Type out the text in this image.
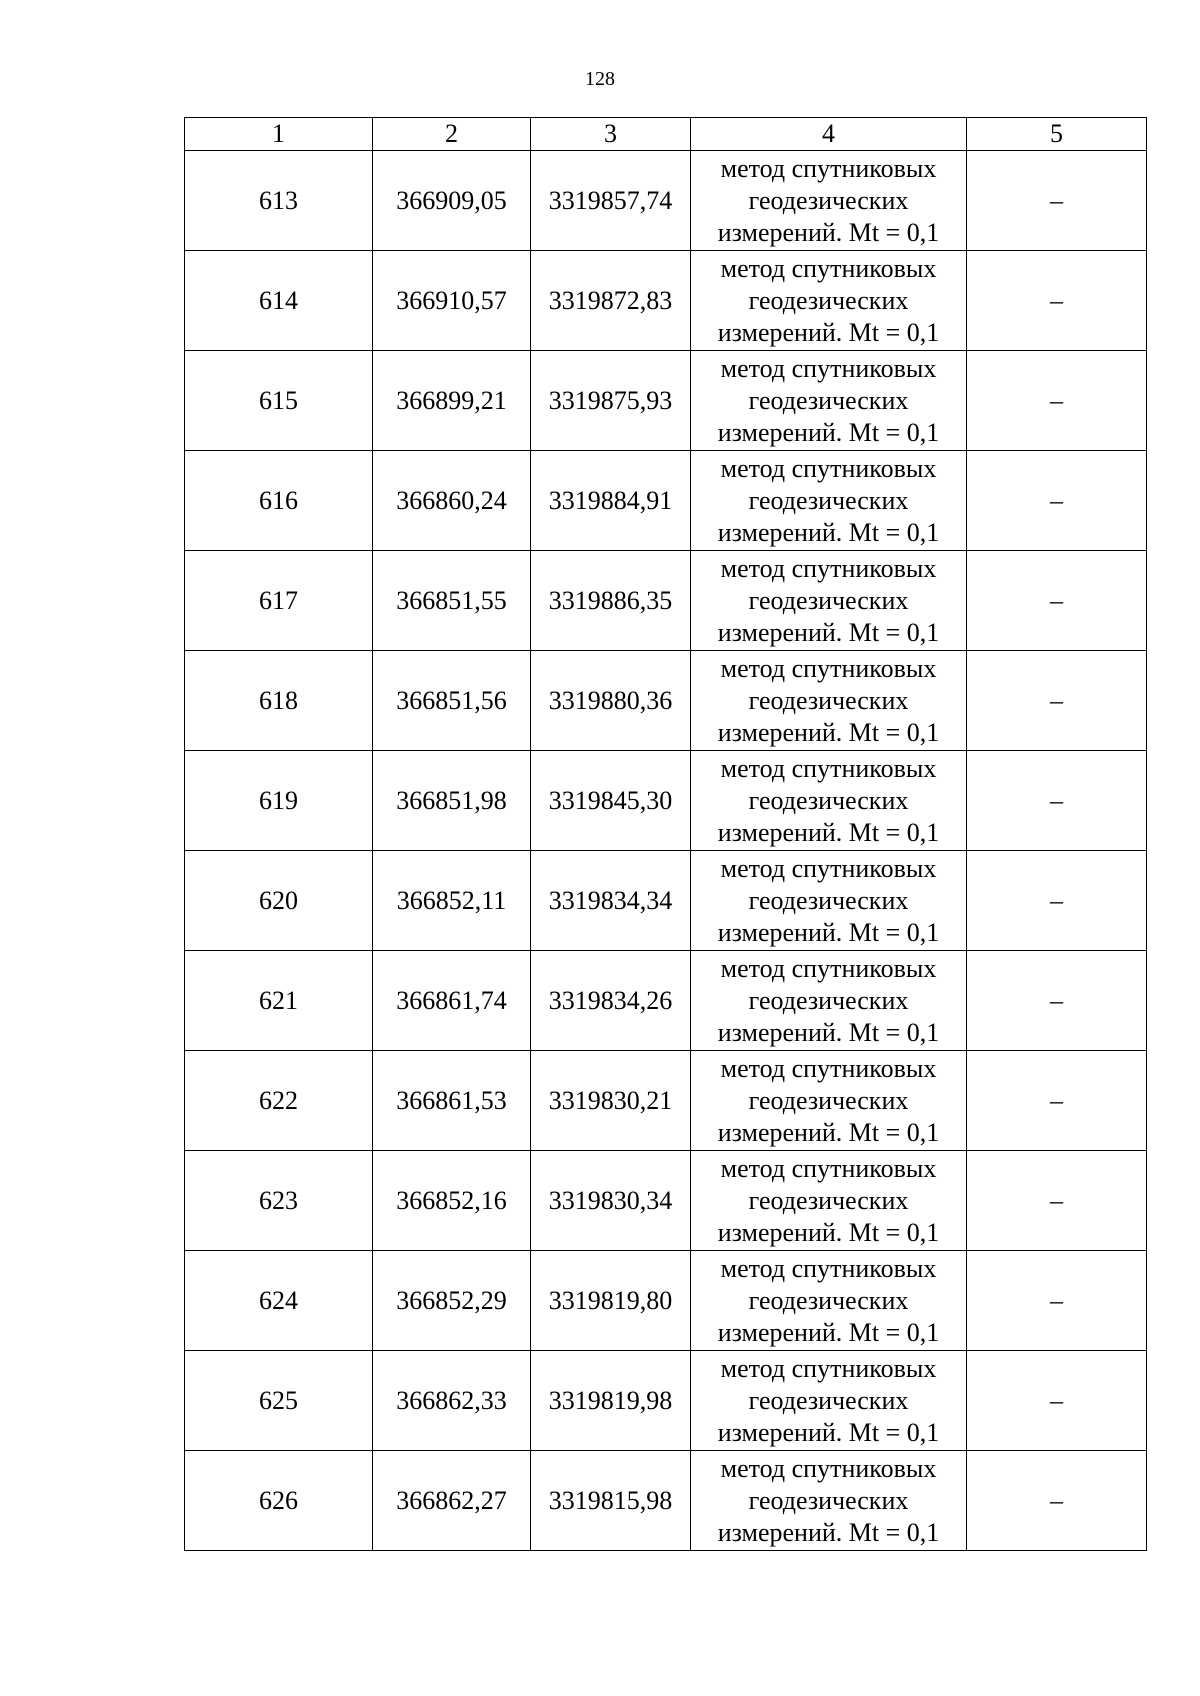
128
1	2	3	4	5
613	366909,05	3319857,74	метод спутниковых
геодезических
измерений. Mt = 0,1	–
614	366910,57	3319872,83	метод спутниковых
геодезических
измерений. Mt = 0,1	–
615	366899,21	3319875,93	метод спутниковых
геодезических
измерений. Mt = 0,1	–
616	366860,24	3319884,91	метод спутниковых
геодезических
измерений. Mt = 0,1	–
617	366851,55	3319886,35	метод спутниковых
геодезических
измерений. Mt = 0,1	–
618	366851,56	3319880,36	метод спутниковых
геодезических
измерений. Mt = 0,1	–
619	366851,98	3319845,30	метод спутниковых
геодезических
измерений. Mt = 0,1	–
620	366852,11	3319834,34	метод спутниковых
геодезических
измерений. Mt = 0,1	–
621	366861,74	3319834,26	метод спутниковых
геодезических
измерений. Mt = 0,1	–
622	366861,53	3319830,21	метод спутниковых
геодезических
измерений. Mt = 0,1	–
623	366852,16	3319830,34	метод спутниковых
геодезических
измерений. Mt = 0,1	–
624	366852,29	3319819,80	метод спутниковых
геодезических
измерений. Mt = 0,1	–
625	366862,33	3319819,98	метод спутниковых
геодезических
измерений. Mt = 0,1	–
626	366862,27	3319815,98	метод спутниковых
геодезических
измерений. Mt = 0,1	–
